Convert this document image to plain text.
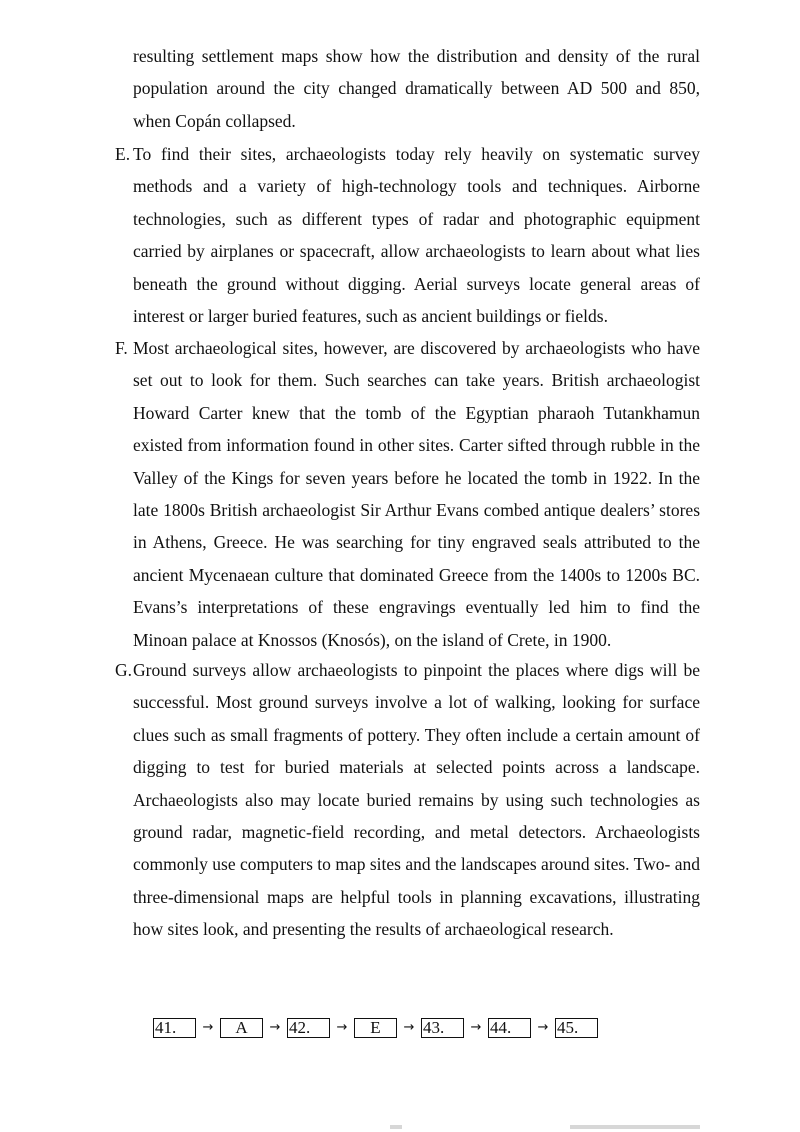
resulting settlement maps show how the distribution and density of the rural population around the city changed dramatically between AD 500 and 850, when Copán collapsed.

E. To find their sites, archaeologists today rely heavily on systematic survey methods and a variety of high-technology tools and techniques. Airborne technologies, such as different types of radar and photographic equipment carried by airplanes or spacecraft, allow archaeologists to learn about what lies beneath the ground without digging. Aerial surveys locate general areas of interest or larger buried features, such as ancient buildings or fields.

F. Most archaeological sites, however, are discovered by archaeologists who have set out to look for them. Such searches can take years. British archaeologist Howard Carter knew that the tomb of the Egyptian pharaoh Tutankhamun existed from information found in other sites. Carter sifted through rubble in the Valley of the Kings for seven years before he located the tomb in 1922. In the late 1800s British archaeologist Sir Arthur Evans combed antique dealers’ stores in Athens, Greece. He was searching for tiny engraved seals attributed to the ancient Mycenaean culture that dominated Greece from the 1400s to 1200s BC. Evans’s interpretations of these engravings eventually led him to find the Minoan palace at Knossos (Knosós), on the island of Crete, in 1900.

G. Ground surveys allow archaeologists to pinpoint the places where digs will be successful. Most ground surveys involve a lot of walking, looking for surface clues such as small fragments of pottery. They often include a certain amount of digging to test for buried materials at selected points across a landscape. Archaeologists also may locate buried remains by using such technologies as ground radar, magnetic-field recording, and metal detectors. Archaeologists commonly use computers to map sites and the landscapes around sites. Two- and three-dimensional maps are helpful tools in planning excavations, illustrating how sites look, and presenting the results of archaeological research.

41.	→	A	→ 42.	→	E	→ 43.	→ 44.	→ 45.
